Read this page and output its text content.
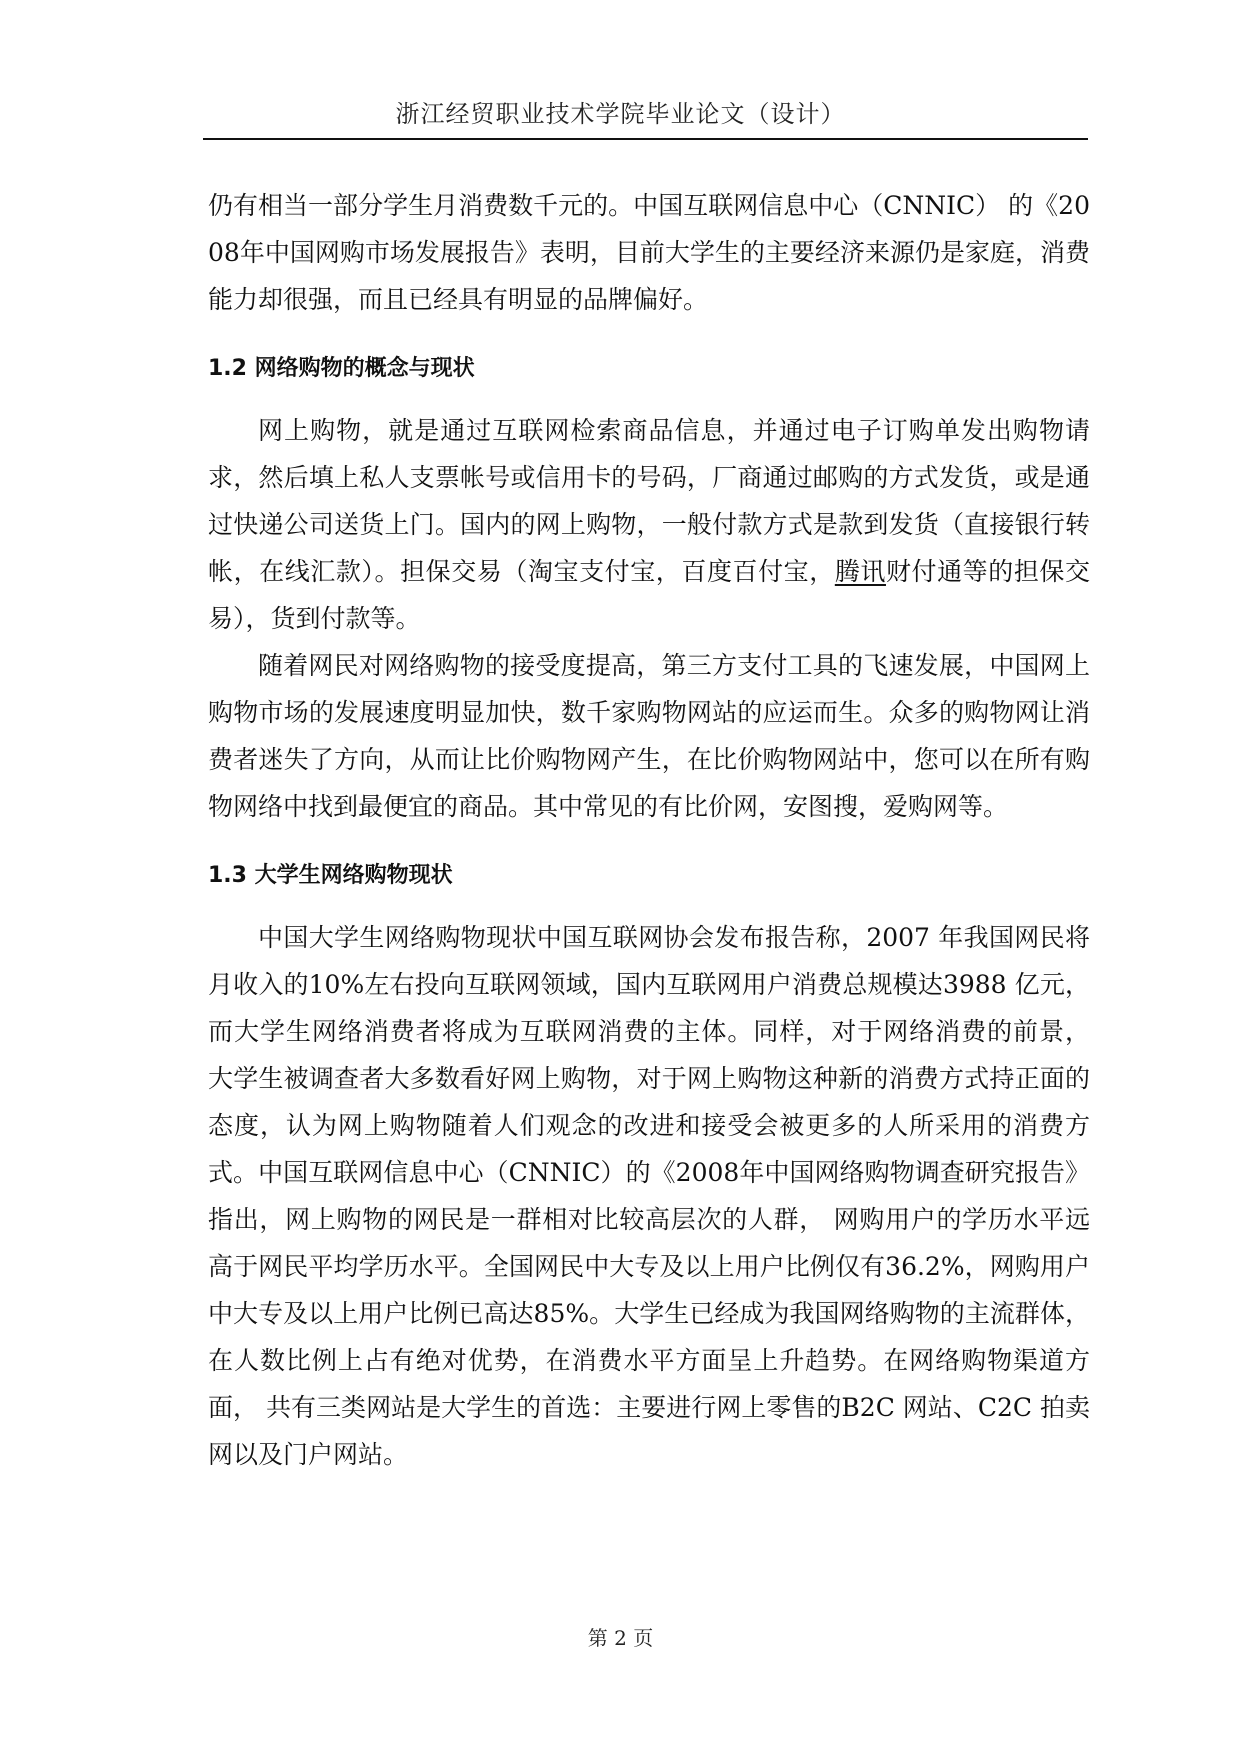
浙江经贸职业技术学院毕业论文（设计）

仍有相当一部分学生月消费数千元的。中国互联网信息中心（CNNIC） 的《2008年中国网购市场发展报告》表明，目前大学生的主要经济来源仍是家庭，消费能力却很强，而且已经具有明显的品牌偏好。

1.2 网络购物的概念与现状

网上购物，就是通过互联网检索商品信息，并通过电子订购单发出购物请求，然后填上私人支票帐号或信用卡的号码，厂商通过邮购的方式发货，或是通过快递公司送货上门。国内的网上购物，一般付款方式是款到发货（直接银行转帐，在线汇款）。担保交易（淘宝支付宝，百度百付宝，腾讯财付通等的担保交易），货到付款等。

随着网民对网络购物的接受度提高，第三方支付工具的飞速发展，中国网上购物市场的发展速度明显加快，数千家购物网站的应运而生。众多的购物网让消费者迷失了方向，从而让比价购物网产生，在比价购物网站中，您可以在所有购物网络中找到最便宜的商品。其中常见的有比价网，安图搜，爱购网等。

1.3 大学生网络购物现状

中国大学生网络购物现状中国互联网协会发布报告称，2007 年我国网民将月收入的10%左右投向互联网领域，国内互联网用户消费总规模达3988 亿元， 而大学生网络消费者将成为互联网消费的主体。同样，对于网络消费的前景， 大学生被调查者大多数看好网上购物，对于网上购物这种新的消费方式持正面的态度，认为网上购物随着人们观念的改进和接受会被更多的人所采用的消费方式。中国互联网信息中心（CNNIC）的《2008年中国网络购物调查研究报告》指出，网上购物的网民是一群相对比较高层次的人群， 网购用户的学历水平远高于网民平均学历水平。全国网民中大专及以上用户比例仅有36.2%，网购用户中大专及以上用户比例已高达85%。大学生已经成为我国网络购物的主流群体，在人数比例上占有绝对优势，在消费水平方面呈上升趋势。在网络购物渠道方面， 共有三类网站是大学生的首选：主要进行网上零售的B2C 网站、C2C 拍卖网以及门户网站。

第 2 页
